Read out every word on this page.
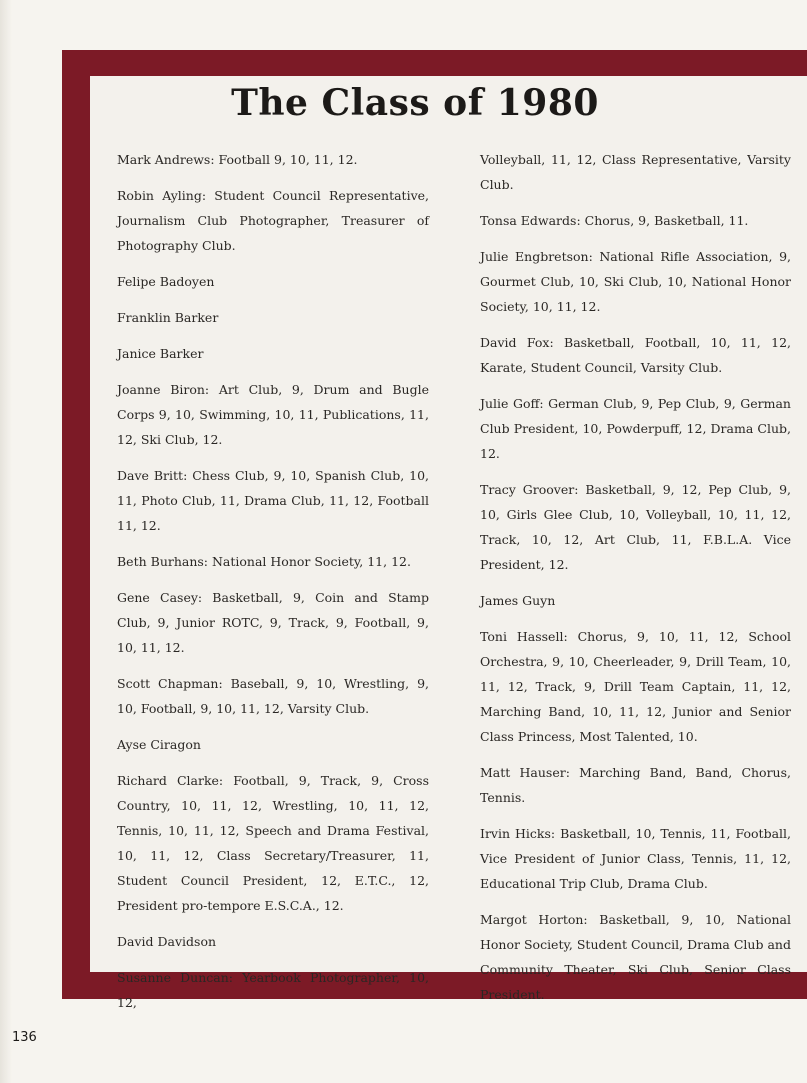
The Class of 1980

Mark Andrews: Football 9, 10, 11, 12.

Robin Ayling: Student Council Representative, Journalism Club Photographer, Treasurer of Photography Club.

Felipe Badoyen

Franklin Barker

Janice Barker

Joanne Biron: Art Club, 9, Drum and Bugle Corps 9, 10, Swimming, 10, 11, Publications, 11, 12, Ski Club, 12.

Dave Britt: Chess Club, 9, 10, Spanish Club, 10, 11, Photo Club, 11, Drama Club, 11, 12, Football 11, 12.

Beth Burhans: National Honor Society, 11, 12.

Gene Casey: Basketball, 9, Coin and Stamp Club, 9, Junior ROTC, 9, Track, 9, Football, 9, 10, 11, 12.

Scott Chapman: Baseball, 9, 10, Wrestling, 9, 10, Football, 9, 10, 11, 12, Varsity Club.

Ayse Ciragon

Richard Clarke: Football, 9, Track, 9, Cross Country, 10, 11, 12, Wrestling, 10, 11, 12, Tennis, 10, 11, 12, Speech and Drama Festival, 10, 11, 12, Class Secretary/Treasurer, 11, Student Council President, 12, E.T.C., 12, President pro-tempore E.S.C.A., 12.

David Davidson

Susanne Duncan: Yearbook Photographer, 10, 12,

Volleyball, 11, 12, Class Representative, Varsity Club.

Tonsa Edwards: Chorus, 9, Basketball, 11.

Julie Engbretson: National Rifle Association, 9, Gourmet Club, 10, Ski Club, 10, National Honor Society, 10, 11, 12.

David Fox: Basketball, Football, 10, 11, 12, Karate, Student Council, Varsity Club.

Julie Goff: German Club, 9, Pep Club, 9, German Club President, 10, Powderpuff, 12, Drama Club, 12.

Tracy Groover: Basketball, 9, 12, Pep Club, 9, 10, Girls Glee Club, 10, Volleyball, 10, 11, 12, Track, 10, 12, Art Club, 11, F.B.L.A. Vice President, 12.

James Guyn

Toni Hassell: Chorus, 9, 10, 11, 12, School Orchestra, 9, 10, Cheerleader, 9, Drill Team, 10, 11, 12, Track, 9, Drill Team Captain, 11, 12, Marching Band, 10, 11, 12, Junior and Senior Class Princess, Most Talented, 10.

Matt Hauser: Marching Band, Band, Chorus, Tennis.

Irvin Hicks: Basketball, 10, Tennis, 11, Football, Vice President of Junior Class, Tennis, 11, 12, Educational Trip Club, Drama Club.

Margot Horton: Basketball, 9, 10, National Honor Society, Student Council, Drama Club and Community Theater, Ski Club, Senior Class President.

136
